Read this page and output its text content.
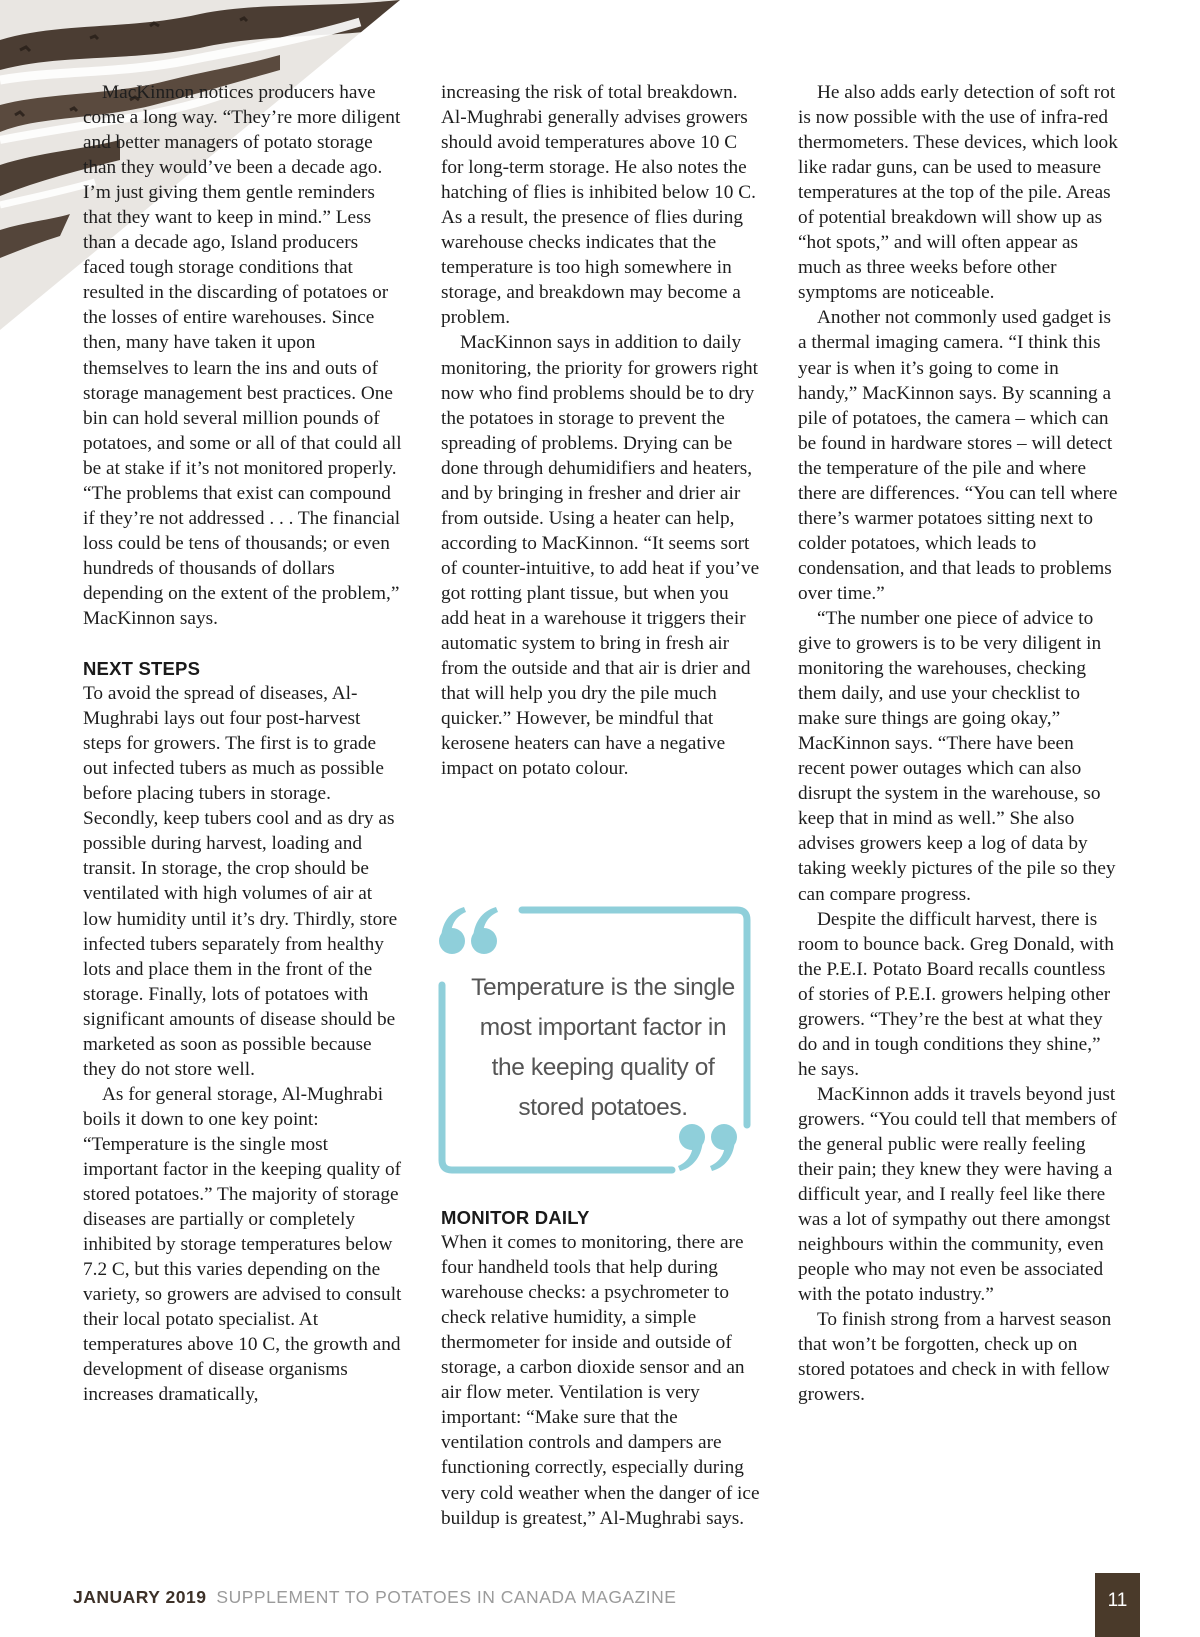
MacKinnon notices producers have come a long way. “They’re more diligent and better managers of potato storage than they would’ve been a decade ago. I’m just giving them gentle reminders that they want to keep in mind.” Less than a decade ago, Island producers faced tough storage conditions that resulted in the discarding of potatoes or the losses of entire warehouses. Since then, many have taken it upon themselves to learn the ins and outs of storage management best practices. One bin can hold several million pounds of potatoes, and some or all of that could all be at stake if it’s not monitored properly. “The problems that exist can compound if they’re not addressed . . . The financial loss could be tens of thousands; or even hundreds of thousands of dollars depending on the extent of the problem,” MacKinnon says.

NEXT STEPS

To avoid the spread of diseases, Al-Mughrabi lays out four post-harvest steps for growers. The first is to grade out infected tubers as much as possible before placing tubers in storage. Secondly, keep tubers cool and as dry as possible during harvest, loading and transit. In storage, the crop should be ventilated with high volumes of air at low humidity until it’s dry. Thirdly, store infected tubers separately from healthy lots and place them in the front of the storage. Finally, lots of potatoes with significant amounts of disease should be marketed as soon as possible because they do not store well.

As for general storage, Al-Mughrabi boils it down to one key point: “Temperature is the single most important factor in the keeping quality of stored potatoes.” The majority of storage diseases are partially or completely inhibited by storage temperatures below 7.2 C, but this varies depending on the variety, so growers are advised to consult their local potato specialist. At temperatures above 10 C, the growth and development of disease organisms increases dramatically,

increasing the risk of total breakdown. Al-Mughrabi generally advises growers should avoid temperatures above 10 C for long-term storage. He also notes the hatching of flies is inhibited below 10 C. As a result, the presence of flies during warehouse checks indicates that the temperature is too high somewhere in storage, and breakdown may become a problem.

MacKinnon says in addition to daily monitoring, the priority for growers right now who find problems should be to dry the potatoes in storage to prevent the spreading of problems. Drying can be done through dehumidifiers and heaters, and by bringing in fresher and drier air from outside. Using a heater can help, according to MacKinnon. “It seems sort of counter-intuitive, to add heat if you’ve got rotting plant tissue, but when you add heat in a warehouse it triggers their automatic system to bring in fresh air from the outside and that air is drier and that will help you dry the pile much quicker.” However, be mindful that kerosene heaters can have a negative impact on potato colour.

Temperature is the single most important factor in the keeping quality of stored potatoes.
MONITOR DAILY

When it comes to monitoring, there are four handheld tools that help during warehouse checks: a psychrometer to check relative humidity, a simple thermometer for inside and outside of storage, a carbon dioxide sensor and an air flow meter. Ventilation is very important: “Make sure that the ventilation controls and dampers are functioning correctly, especially during very cold weather when the danger of ice buildup is greatest,” Al-Mughrabi says.

He also adds early detection of soft rot is now possible with the use of infra-red thermometers. These devices, which look like radar guns, can be used to measure temperatures at the top of the pile. Areas of potential breakdown will show up as “hot spots,” and will often appear as much as three weeks before other symptoms are noticeable.

Another not commonly used gadget is a thermal imaging camera. “I think this year is when it’s going to come in handy,” MacKinnon says. By scanning a pile of potatoes, the camera – which can be found in hardware stores – will detect the temperature of the pile and where there are differences. “You can tell where there’s warmer potatoes sitting next to colder potatoes, which leads to condensation, and that leads to problems over time.”

“The number one piece of advice to give to growers is to be very diligent in monitoring the warehouses, checking them daily, and use your checklist to make sure things are going okay,” MacKinnon says. “There have been recent power outages which can also disrupt the system in the warehouse, so keep that in mind as well.” She also advises growers keep a log of data by taking weekly pictures of the pile so they can compare progress.

Despite the difficult harvest, there is room to bounce back. Greg Donald, with the P.E.I. Potato Board recalls countless of stories of P.E.I. growers helping other growers. “They’re the best at what they do and in tough conditions they shine,” he says.

MacKinnon adds it travels beyond just growers. “You could tell that members of the general public were really feeling their pain; they knew they were having a difficult year, and I really feel like there was a lot of sympathy out there amongst neighbours within the community, even people who may not even be associated with the potato industry.”

To finish strong from a harvest season that won’t be forgotten, check up on stored potatoes and check in with fellow growers.

JANUARY 2019 SUPPLEMENT TO POTATOES IN CANADA MAGAZINE	11
